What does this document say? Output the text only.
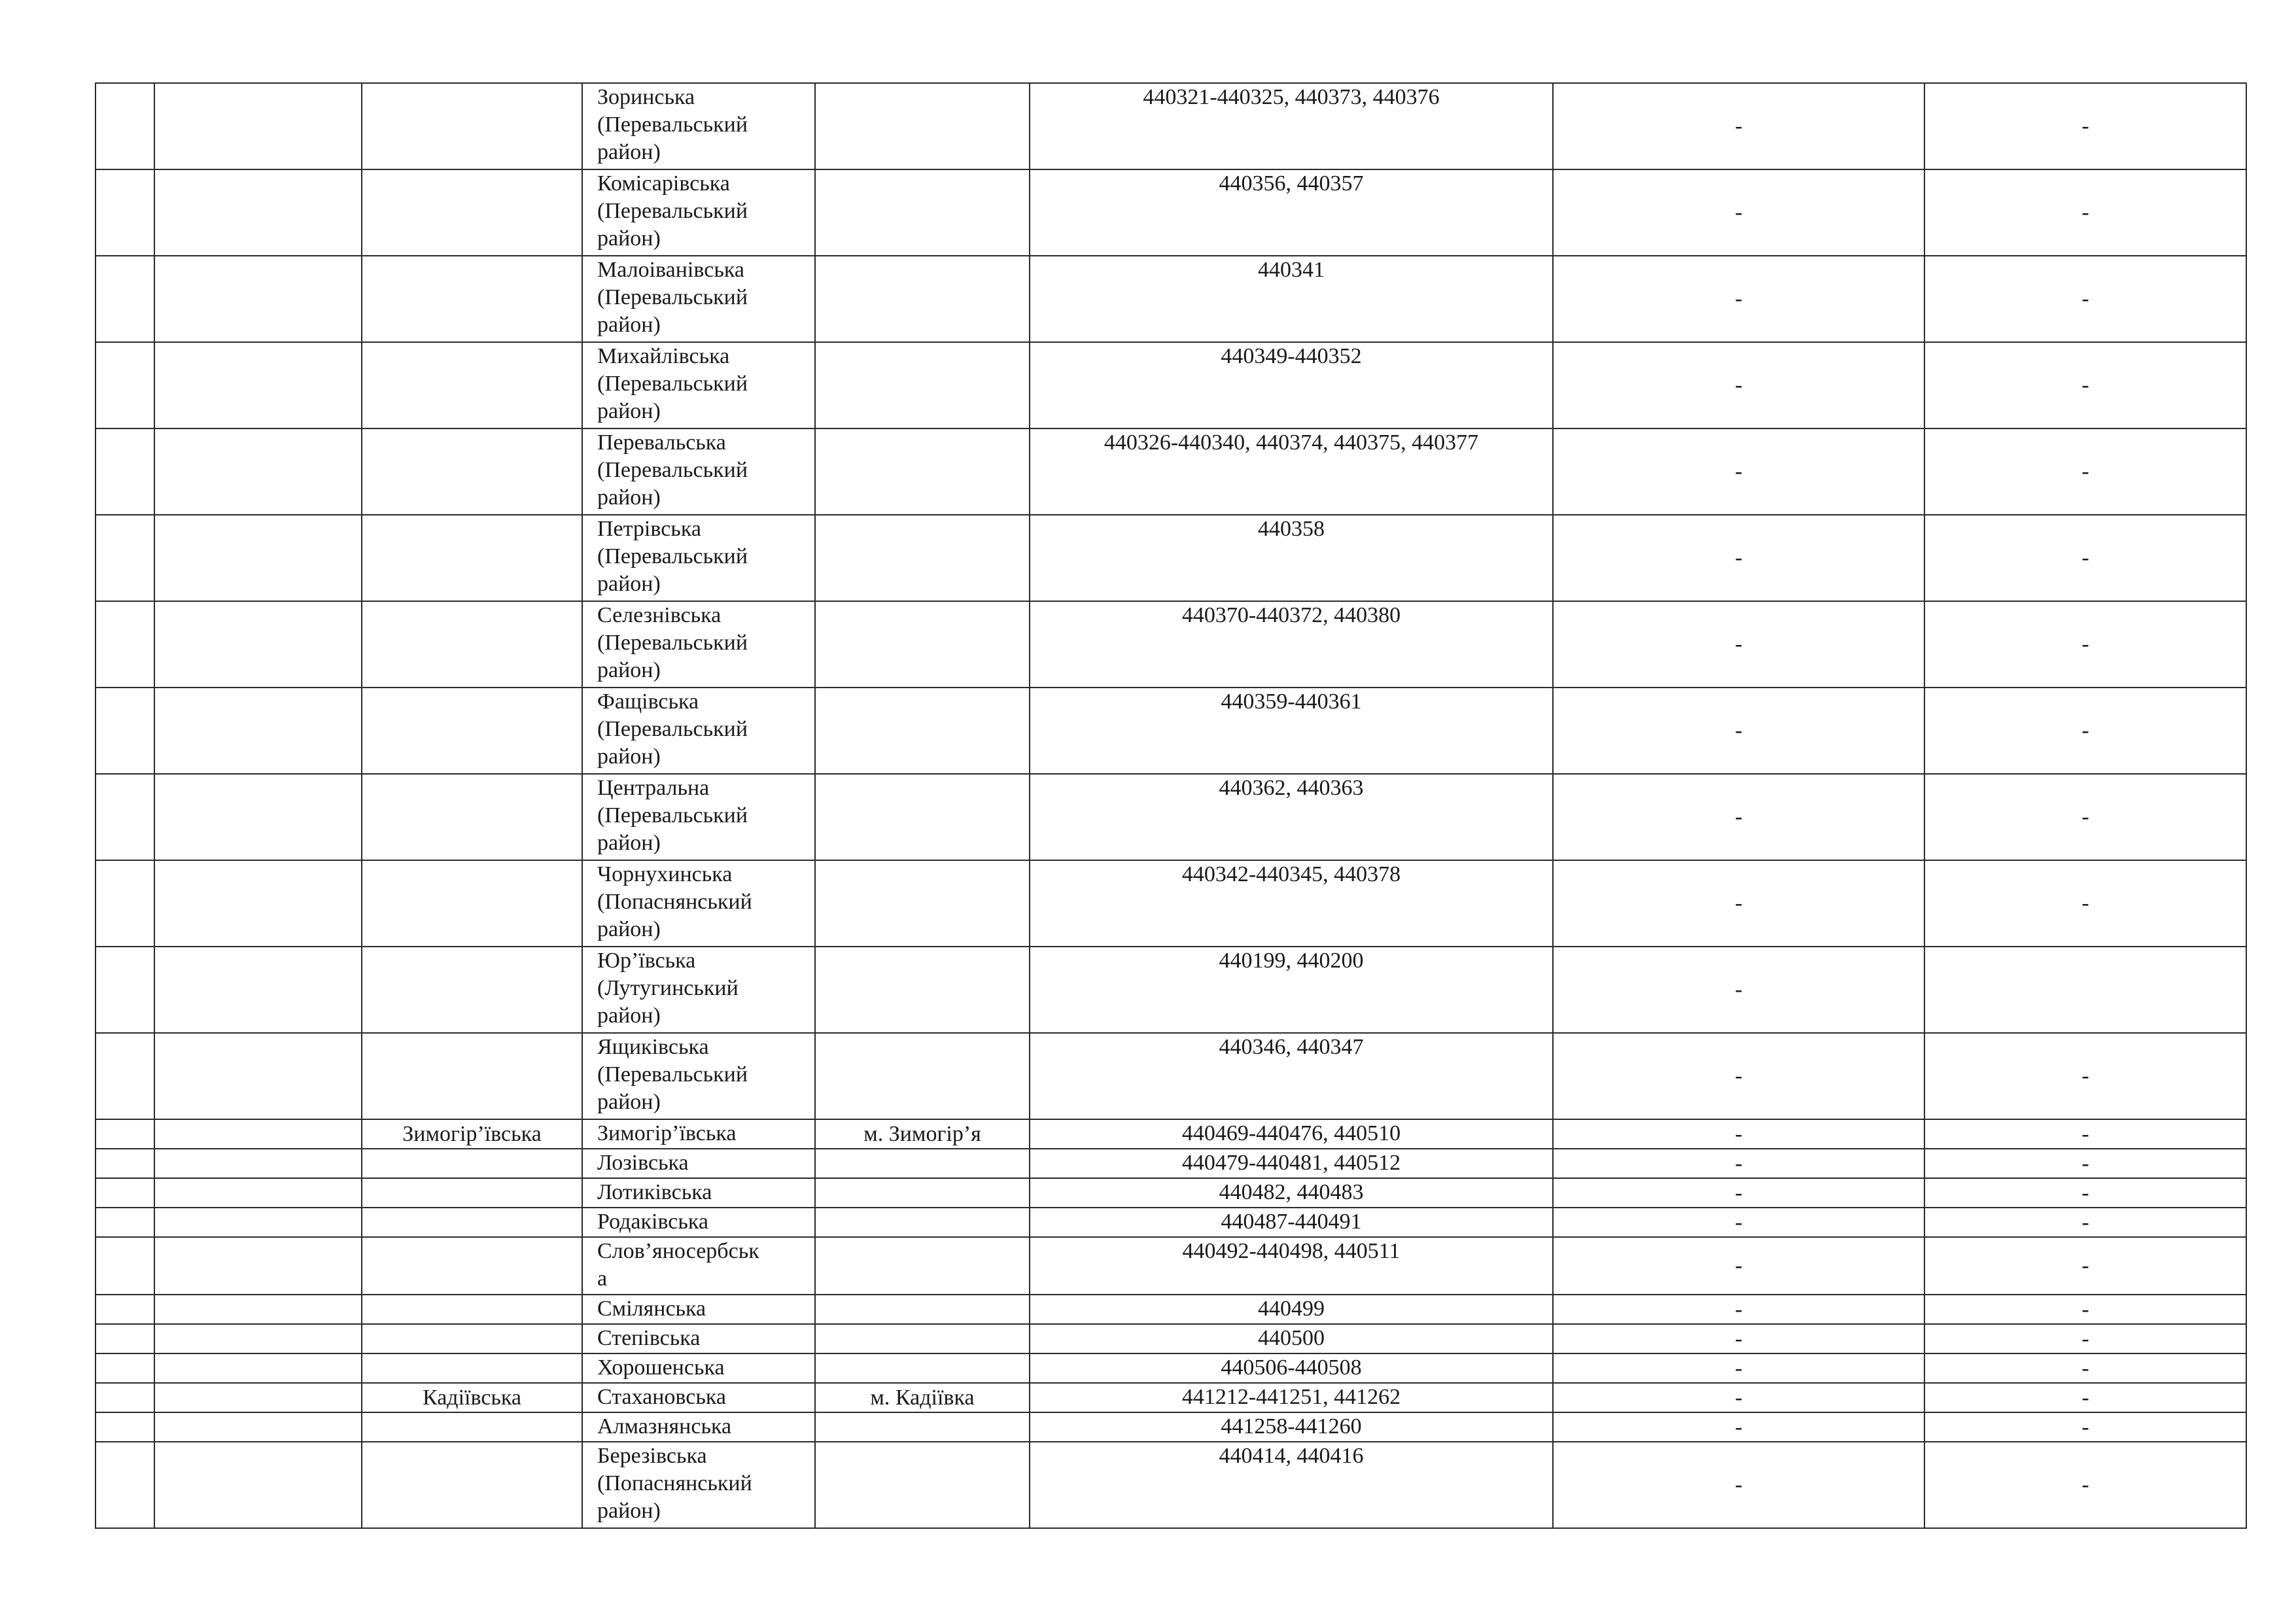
			Зоринська
(Перевальський
район)		440321-440325, 440373, 440376	-	-
			Комісарівська
(Перевальський
район)		440356, 440357	-	-
			Малоіванівська
(Перевальський
район)		440341	-	-
			Михайлівська
(Перевальський
район)		440349-440352	-	-
			Перевальська
(Перевальський
район)		440326-440340, 440374, 440375, 440377	-	-
			Петрівська
(Перевальський
район)		440358	-	-
			Селезнівська
(Перевальський
район)		440370-440372, 440380	-	-
			Фащівська
(Перевальський
район)		440359-440361	-	-
			Центральна
(Перевальський
район)		440362, 440363	-	-
			Чорнухинська
(Попаснянський
район)		440342-440345, 440378	-	-
			Юр’ївська
(Лутугинський
район)		440199, 440200	-	
			Ящиківська
(Перевальський
район)		440346, 440347	-	-
		Зимогір’ївська	Зимогір’ївська	м. Зимогір’я	440469-440476, 440510	-	-
			Лозівська		440479-440481, 440512	-	-
			Лотиківська		440482, 440483	-	-
			Родаківська		440487-440491	-	-
			Слов’яносербськ
а		440492-440498, 440511	-	-
			Смілянська		440499	-	-
			Степівська		440500	-	-
			Хорошенська		440506-440508	-	-
		Кадіївська	Стахановська	м. Кадіївка	441212-441251, 441262	-	-
			Алмазнянська		441258-441260	-	-
			Березівська
(Попаснянський
район)		440414, 440416	-	-
